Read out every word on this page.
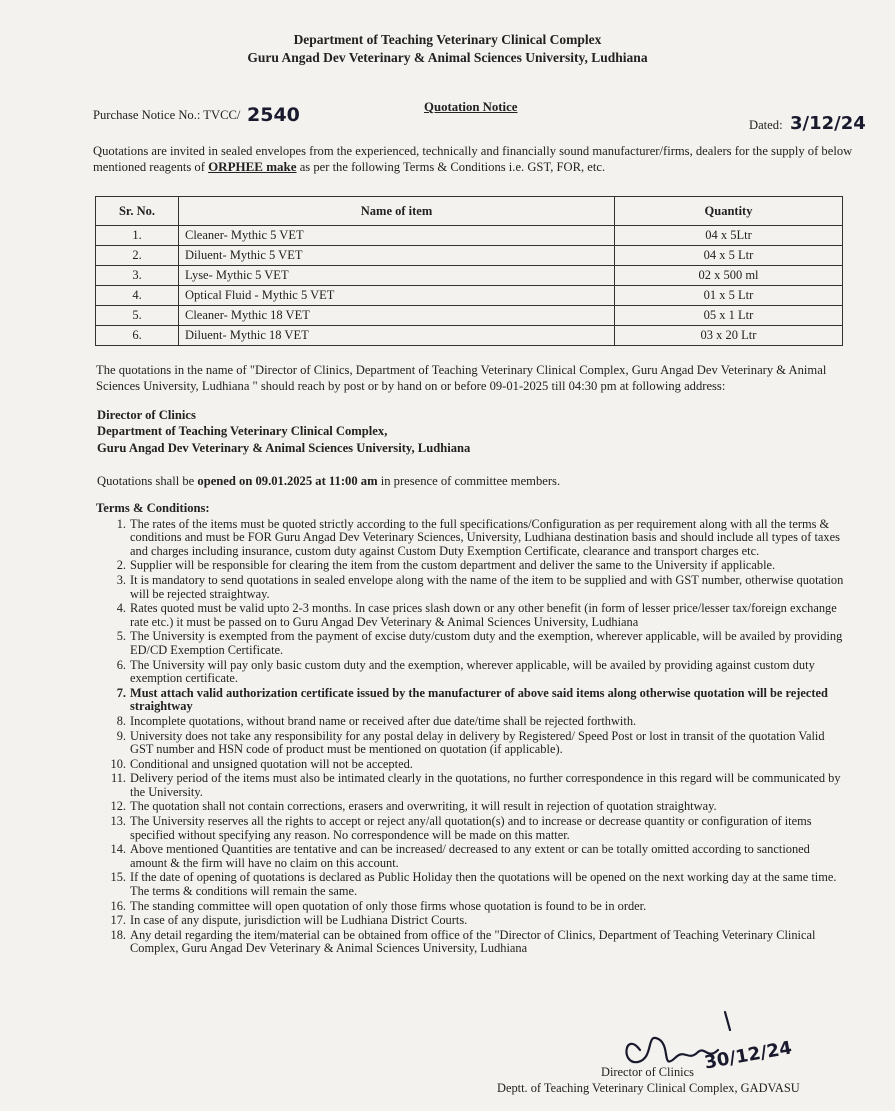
Department of Teaching Veterinary Clinical Complex
Guru Angad Dev Veterinary & Animal Sciences University, Ludhiana
Purchase Notice No.: TVCC/ 2540	Quotation Notice
Dated: 3/12/24
Quotations are invited in sealed envelopes from the experienced, technically and financially sound manufacturer/firms, dealers for the supply of below mentioned reagents of ORPHEE make as per the following Terms & Conditions i.e. GST, FOR, etc.
Sr. No.	Name of item	Quantity
1.	Cleaner- Mythic 5 VET	04 x 5Ltr
2.	Diluent- Mythic 5 VET	04 x 5 Ltr
3.	Lyse- Mythic 5 VET	02 x 500 ml
4.	Optical Fluid - Mythic 5 VET	01 x 5 Ltr
5.	Cleaner- Mythic 18 VET	05 x 1 Ltr
6.	Diluent- Mythic 18 VET	03 x 20 Ltr
The quotations in the name of "Director of Clinics, Department of Teaching Veterinary Clinical Complex, Guru Angad Dev Veterinary & Animal Sciences University, Ludhiana " should reach by post or by hand on or before 09-01-2025 till 04:30 pm at following address:
Director of Clinics
Department of Teaching Veterinary Clinical Complex,
Guru Angad Dev Veterinary & Animal Sciences University, Ludhiana
Quotations shall be opened on 09.01.2025 at 11:00 am in presence of committee members.
Terms & Conditions:
1. The rates of the items must be quoted strictly according to the full specifications/Configuration as per requirement along with all the terms & conditions and must be FOR Guru Angad Dev Veterinary Sciences, University, Ludhiana destination basis and should include all types of taxes and charges including insurance, custom duty against Custom Duty Exemption Certificate, clearance and transport charges etc.
2. Supplier will be responsible for clearing the item from the custom department and deliver the same to the University if applicable.
3. It is mandatory to send quotations in sealed envelope along with the name of the item to be supplied and with GST number, otherwise quotation will be rejected straightway.
4. Rates quoted must be valid upto 2-3 months. In case prices slash down or any other benefit (in form of lesser price/lesser tax/foreign exchange rate etc.) it must be passed on to Guru Angad Dev Veterinary & Animal Sciences University, Ludhiana
5. The University is exempted from the payment of excise duty/custom duty and the exemption, wherever applicable, will be availed by providing ED/CD Exemption Certificate.
6. The University will pay only basic custom duty and the exemption, wherever applicable, will be availed by providing against custom duty exemption certificate.
7. Must attach valid authorization certificate issued by the manufacturer of above said items along otherwise quotation will be rejected straightway
8. Incomplete quotations, without brand name or received after due date/time shall be rejected forthwith.
9. University does not take any responsibility for any postal delay in delivery by Registered/ Speed Post or lost in transit of the quotation Valid GST number and HSN code of product must be mentioned on quotation (if applicable).
10. Conditional and unsigned quotation will not be accepted.
11. Delivery period of the items must also be intimated clearly in the quotations, no further correspondence in this regard will be communicated by the University.
12. The quotation shall not contain corrections, erasers and overwriting, it will result in rejection of quotation straightway.
13. The University reserves all the rights to accept or reject any/all quotation(s) and to increase or decrease quantity or configuration of items specified without specifying any reason. No correspondence will be made on this matter.
14. Above mentioned Quantities are tentative and can be increased/ decreased to any extent or can be totally omitted according to sanctioned amount & the firm will have no claim on this account.
15. If the date of opening of quotations is declared as Public Holiday then the quotations will be opened on the next working day at the same time. The terms & conditions will remain the same.
16. The standing committee will open quotation of only those firms whose quotation is found to be in order.
17. In case of any dispute, jurisdiction will be Ludhiana District Courts.
18. Any detail regarding the item/material can be obtained from office of the "Director of Clinics, Department of Teaching Veterinary Clinical Complex, Guru Angad Dev Veterinary & Animal Sciences University, Ludhiana
Director of Clinics 30/12/24
Deptt. of Teaching Veterinary Clinical Complex, GADVASU
